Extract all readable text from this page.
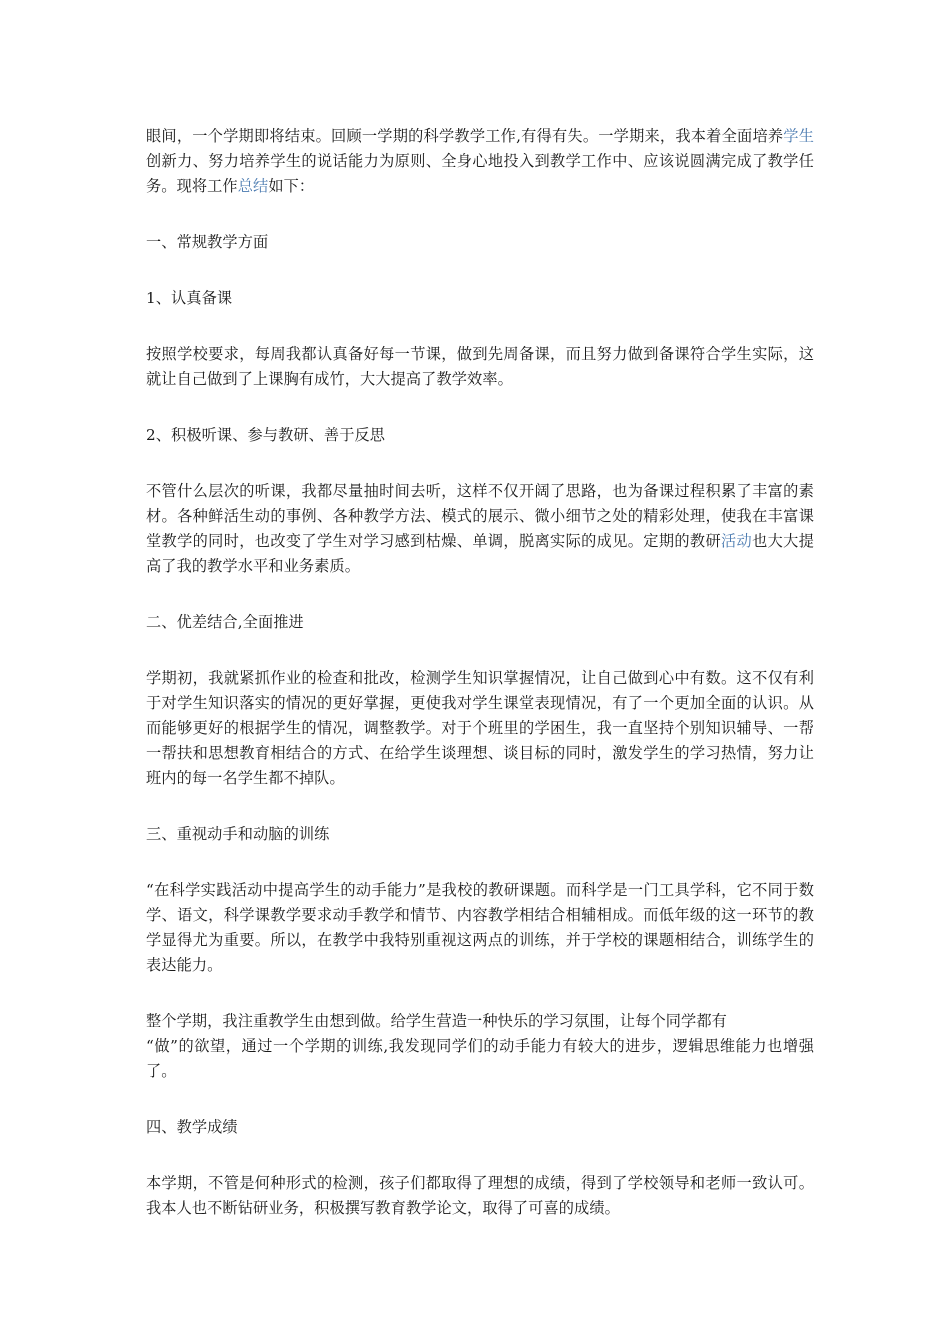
眼间，一个学期即将结束。回顾一学期的科学教学工作,有得有失。一学期来，我本着全面培养学生创新力、努力培养学生的说话能力为原则、全身心地投入到教学工作中、应该说圆满完成了教学任务。现将工作总结如下：

一、常规教学方面

1、认真备课

按照学校要求，每周我都认真备好每一节课，做到先周备课，而且努力做到备课符合学生实际，这就让自己做到了上课胸有成竹，大大提高了教学效率。

2、积极听课、参与教研、善于反思

不管什么层次的听课，我都尽量抽时间去听，这样不仅开阔了思路，也为备课过程积累了丰富的素材。各种鲜活生动的事例、各种教学方法、模式的展示、微小细节之处的精彩处理，使我在丰富课堂教学的同时，也改变了学生对学习感到枯燥、单调，脱离实际的成见。定期的教研活动也大大提高了我的教学水平和业务素质。

二、优差结合,全面推进

学期初，我就紧抓作业的检查和批改，检测学生知识掌握情况，让自己做到心中有数。这不仅有利于对学生知识落实的情况的更好掌握，更使我对学生课堂表现情况，有了一个更加全面的认识。从而能够更好的根据学生的情况，调整教学。对于个班里的学困生，我一直坚持个别知识辅导、一帮一帮扶和思想教育相结合的方式、在给学生谈理想、谈目标的同时，激发学生的学习热情，努力让班内的每一名学生都不掉队。

三、重视动手和动脑的训练

“在科学实践活动中提高学生的动手能力”是我校的教研课题。而科学是一门工具学科，它不同于数学、语文，科学课教学要求动手教学和情节、内容教学相结合相辅相成。而低年级的这一环节的教学显得尤为重要。所以，在教学中我特别重视这两点的训练，并于学校的课题相结合，训练学生的表达能力。

整个学期，我注重教学生由想到做。给学生营造一种快乐的学习氛围，让每个同学都有
“做”的欲望，通过一个学期的训练,我发现同学们的动手能力有较大的进步，逻辑思维能力也增强了。

四、教学成绩

本学期，不管是何种形式的检测，孩子们都取得了理想的成绩，得到了学校领导和老师一致认可。我本人也不断钻研业务，积极撰写教育教学论文，取得了可喜的成绩。
